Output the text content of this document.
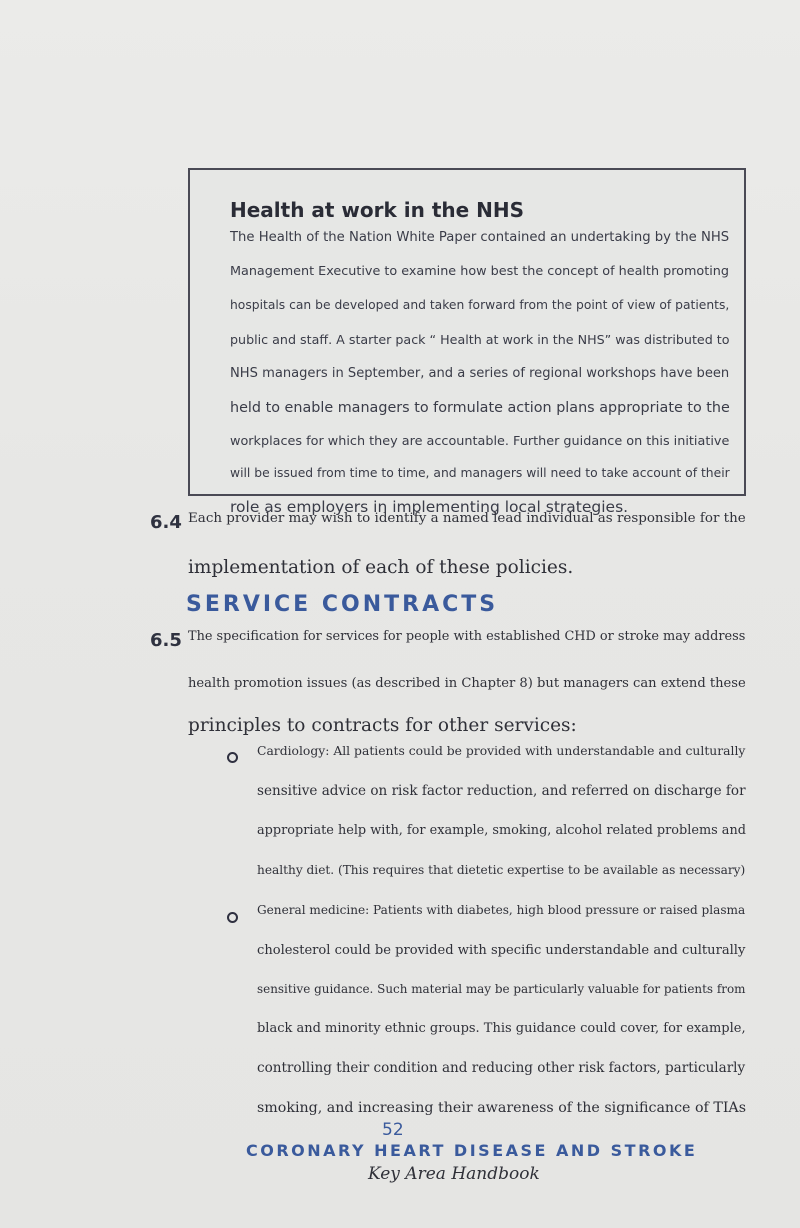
Health at work in the NHS
The Health of the Nation White Paper contained an undertaking by the NHS
Management Executive to examine how best the concept of health promoting
hospitals can be developed and taken forward from the point of view of patients,
public and staff. A starter pack “ Health at work in the NHS” was distributed to
NHS managers in September, and a series of regional workshops have been
held to enable managers to formulate action plans appropriate to the
workplaces for which they are accountable. Further guidance on this initiative
will be issued from time to time, and managers will need to take account of their
role as employers in implementing local strategies.
6.4 Each provider may wish to identify a named lead individual as responsible for the
implementation of each of these policies.
SERVICE CONTRACTS
6.5 The specification for services for people with established CHD or stroke may address
health promotion issues (as described in Chapter 8) but managers can extend these
principles to contracts for other services:
Cardiology: All patients could be provided with understandable and culturally
sensitive advice on risk factor reduction, and referred on discharge for
appropriate help with, for example, smoking, alcohol related problems and
healthy diet. (This requires that dietetic expertise to be available as necessary)
General medicine: Patients with diabetes, high blood pressure or raised plasma
cholesterol could be provided with specific understandable and culturally
sensitive guidance. Such material may be particularly valuable for patients from
black and minority ethnic groups. This guidance could cover, for example,
controlling their condition and reducing other risk factors, particularly
smoking, and increasing their awareness of the significance of TIAs
52
CORONARY HEART DISEASE AND STROKE
Key Area Handbook
